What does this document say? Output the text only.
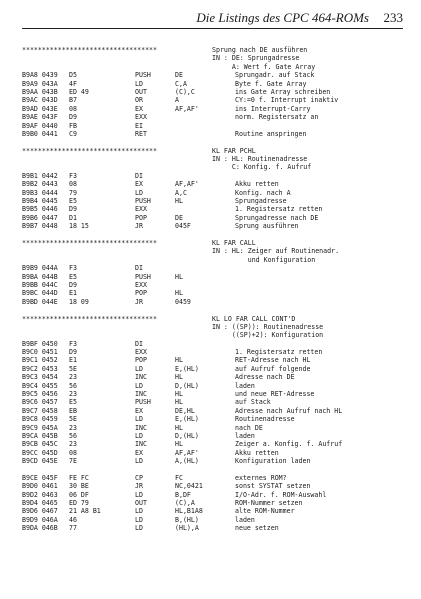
Die Listings des CPC 464-ROMs 233
**********************************	Sprung nach DE ausführen
IN : DE: Sprungadresse
A: Wert f. Gate Array
B9A8 0439 D5	PUSH	DE	Sprungadr. auf Stack
B9A9 043A 4F	LD	C,A	Byte f. Gate Array
B9AA 043B ED 49	OUT	(C),C	ins Gate Array schreiben
B9AC 043D B7	OR	A	CY:=0 f. Interrupt inaktiv
B9AD 043E 08	EX	AF,AF'	ins Interrupt-Carry
B9AE 043F D9	EXX	norm. Registersatz an
B9AF 0440 FB	EI
B9B0 0441 C9	RET	Routine anspringen
**********************************	KL FAR PCHL
IN : HL: Routinenadresse
C: Konfig. f. Aufruf
B9B1 0442 F3	DI
B9B2 0443 08	EX	AF,AF'	Akku retten
B9B3 0444 79	LD	A,C	Konfig. nach A
B9B4 0445 E5	PUSH	HL	Sprungadresse
B9B5 0446 D9	EXX	1. Registersatz retten
B9B6 0447 D1	POP	DE	Sprungadresse nach DE
B9B7 0448 18 15	JR	045F	Sprung ausführen
**********************************	KL FAR CALL
IN : HL: Zeiger auf Routinenadr.
und Konfiguration
B9B9 044A F3	DI
B9BA 044B E5	PUSH	HL
B9BB 044C D9	EXX
B9BC 044D E1	POP	HL
B9BD 044E 18 09	JR	0459
**********************************	KL LO FAR CALL CONT'D
IN : ((SP)): Routinenadresse
((SP)+2): Konfiguration
B9BF 0450 F3	DI
B9C0 0451 D9	EXX	1. Registersatz retten
B9C1 0452 E1	POP	HL	RET-Adresse nach HL
B9C2 0453 5E	LD	E,(HL)	auf Aufruf folgende
B9C3 0454 23	INC	HL	Adresse nach DE
B9C4 0455 56	LD	D,(HL)	laden
B9C5 0456 23	INC	HL	und neue RET-Adresse
B9C6 0457 E5	PUSH	HL	auf Stack
B9C7 0458 EB	EX	DE,HL	Adresse nach Aufruf nach HL
B9C8 0459 5E	LD	E,(HL)	Routinenadresse
B9C9 045A 23	INC	HL	nach DE
B9CA 045B 56	LD	D,(HL)	laden
B9CB 045C 23	INC	HL	Zeiger a. Konfig. f. Aufruf
B9CC 045D 08	EX	AF,AF'	Akku retten
B9CD 045E 7E	LD	A,(HL)	Konfiguration laden
B9CE 045F FE FC	CP	FC	externes ROM?
B9D0 0461 30 BE	JR	NC,0421	sonst SYSTAT setzen
B9D2 0463 06 DF	LD	B,DF	I/O-Adr. f. ROM-Auswahl
B9D4 0465 ED 79	OUT	(C),A	ROM-Nummer setzen
B9D6 0467 21 A8 B1	LD	HL,B1A8	alte ROM-Nummer
B9D9 046A 46	LD	B,(HL)	laden
B9DA 046B 77	LD	(HL),A	neue setzen
